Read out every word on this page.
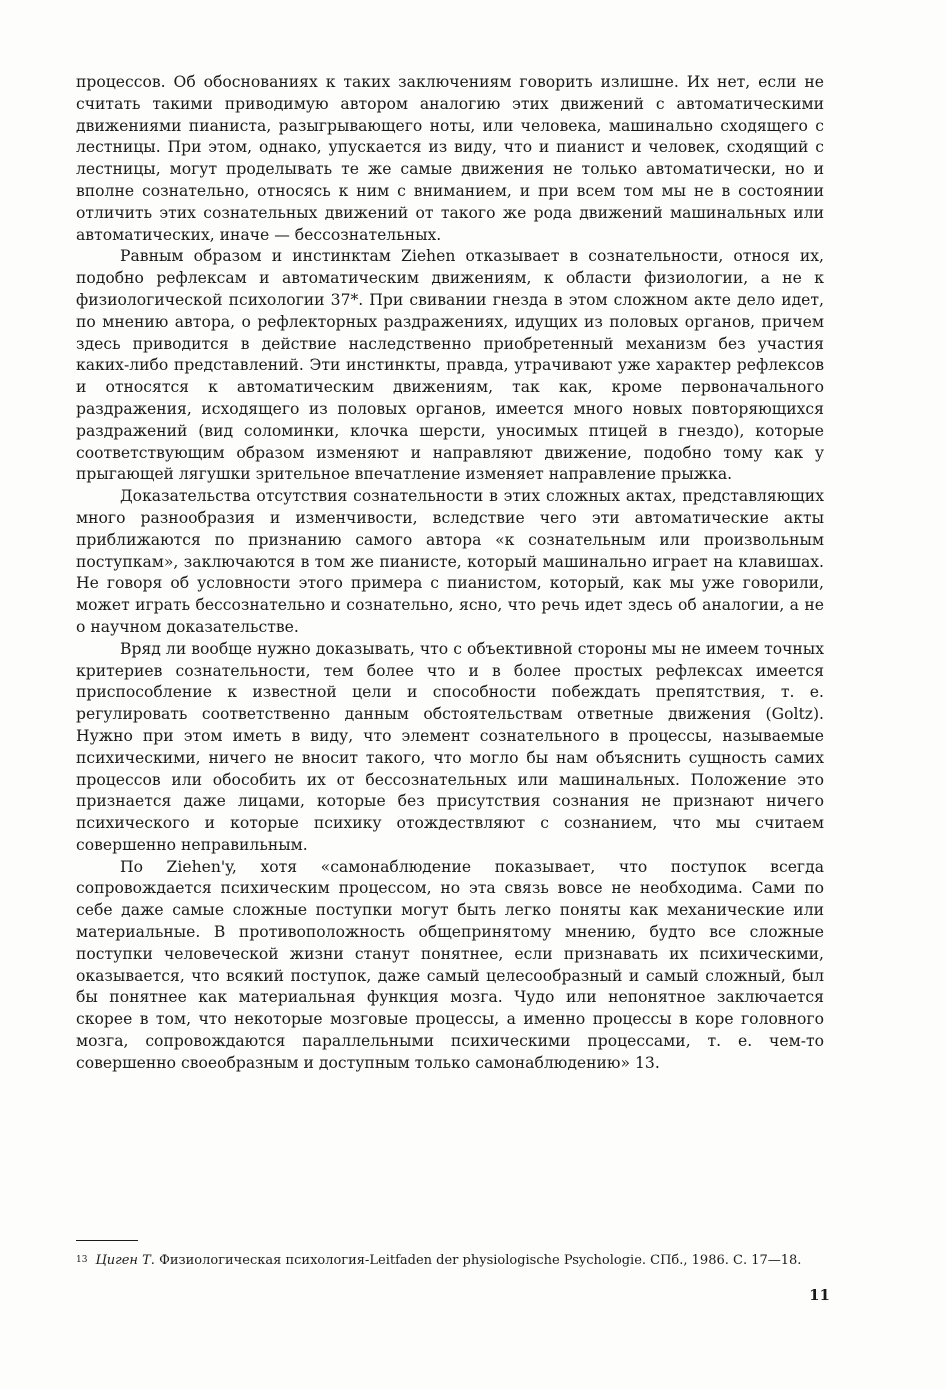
процессов. Об обоснованиях к таких заключениям говорить излишне. Их нет, если не считать такими приводимую автором аналогию этих движений с автоматическими движениями пианиста, разыгрывающего ноты, или человека, машинально сходящего с лестницы. При этом, однако, упускается из виду, что и пианист и человек, сходящий с лестницы, могут проделывать те же самые движения не только автоматически, но и вполне сознательно, относясь к ним с вниманием, и при всем том мы не в состоянии отличить этих сознательных движений от такого же рода движений машинальных или автоматических, иначе — бессознательных.

Равным образом и инстинктам Ziehen отказывает в сознательности, относя их, подобно рефлексам и автоматическим движениям, к области физиологии, а не к физиологической психологии 37*. При свивании гнезда в этом сложном акте дело идет, по мнению автора, о рефлекторных раздражениях, идущих из половых органов, причем здесь приводится в действие наследственно приобретенный механизм без участия каких-либо представлений. Эти инстинкты, правда, утрачивают уже характер рефлексов и относятся к автоматическим движениям, так как, кроме первоначального раздражения, исходящего из половых органов, имеется много новых повторяющихся раздражений (вид соломинки, клочка шерсти, уносимых птицей в гнездо), которые соответствующим образом изменяют и направляют движение, подобно тому как у прыгающей лягушки зрительное впечатление изменяет направление прыжка.

Доказательства отсутствия сознательности в этих сложных актах, представляющих много разнообразия и изменчивости, вследствие чего эти автоматические акты приближаются по признанию самого автора «к сознательным или произвольным поступкам», заключаются в том же пианисте, который машинально играет на клавишах. Не говоря об условности этого примера с пианистом, который, как мы уже говорили, может играть бессознательно и сознательно, ясно, что речь идет здесь об аналогии, а не о научном доказательстве.

Вряд ли вообще нужно доказывать, что с объективной стороны мы не имеем точных критериев сознательности, тем более что и в более простых рефлексах имеется приспособление к известной цели и способности побеждать препятствия, т. е. регулировать соответственно данным обстоятельствам ответные движения (Goltz). Нужно при этом иметь в виду, что элемент сознательного в процессы, называемые психическими, ничего не вносит такого, что могло бы нам объяснить сущность самих процессов или обособить их от бессознательных или машинальных. Положение это признается даже лицами, которые без присутствия сознания не признают ничего психического и которые психику отождествляют с сознанием, что мы считаем совершенно неправильным.

По Ziehen'y, хотя «самонаблюдение показывает, что поступок всегда сопровождается психическим процессом, но эта связь вовсе не необходима. Сами по себе даже самые сложные поступки могут быть легко поняты как механические или материальные. В противоположность общепринятому мнению, будто все сложные поступки человеческой жизни станут понятнее, если признавать их психическими, оказывается, что всякий поступок, даже самый целесообразный и самый сложный, был бы понятнее как материальная функция мозга. Чудо или непонятное заключается скорее в том, что некоторые мозговые процессы, а именно процессы в коре головного мозга, сопровождаются параллельными психическими процессами, т. е. чем-то совершенно своеобразным и доступным только самонаблюдению» 13.

$^{13}$ Циген Т. Физиологическая психология-Leitfaden der physiologische Psychologie. СПб., 1986. С. 17—18.
11
